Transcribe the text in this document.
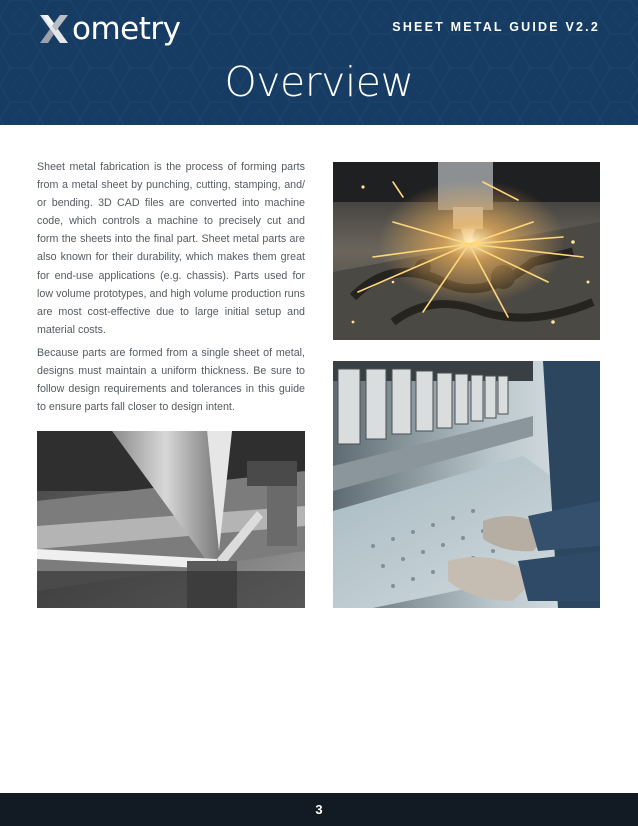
ometry	SHEET METAL GUIDE V2.2
Overview

Sheet metal fabrication is the process of forming parts from a metal sheet by punching, cutting, stamping, and/ or bending. 3D CAD files are converted into machine code, which controls a machine to precisely cut and form the sheets into the final part. Sheet metal parts are also known for their durability, which makes them great for end-use applications (e.g. chassis). Parts used for low volume prototypes, and high volume production runs are most cost-effective due to large initial setup and material costs.

Because parts are formed from a single sheet of metal, designs must maintain a uniform thickness. Be sure to follow design requirements and tolerances in this guide to ensure parts fall closer to design intent.

3
